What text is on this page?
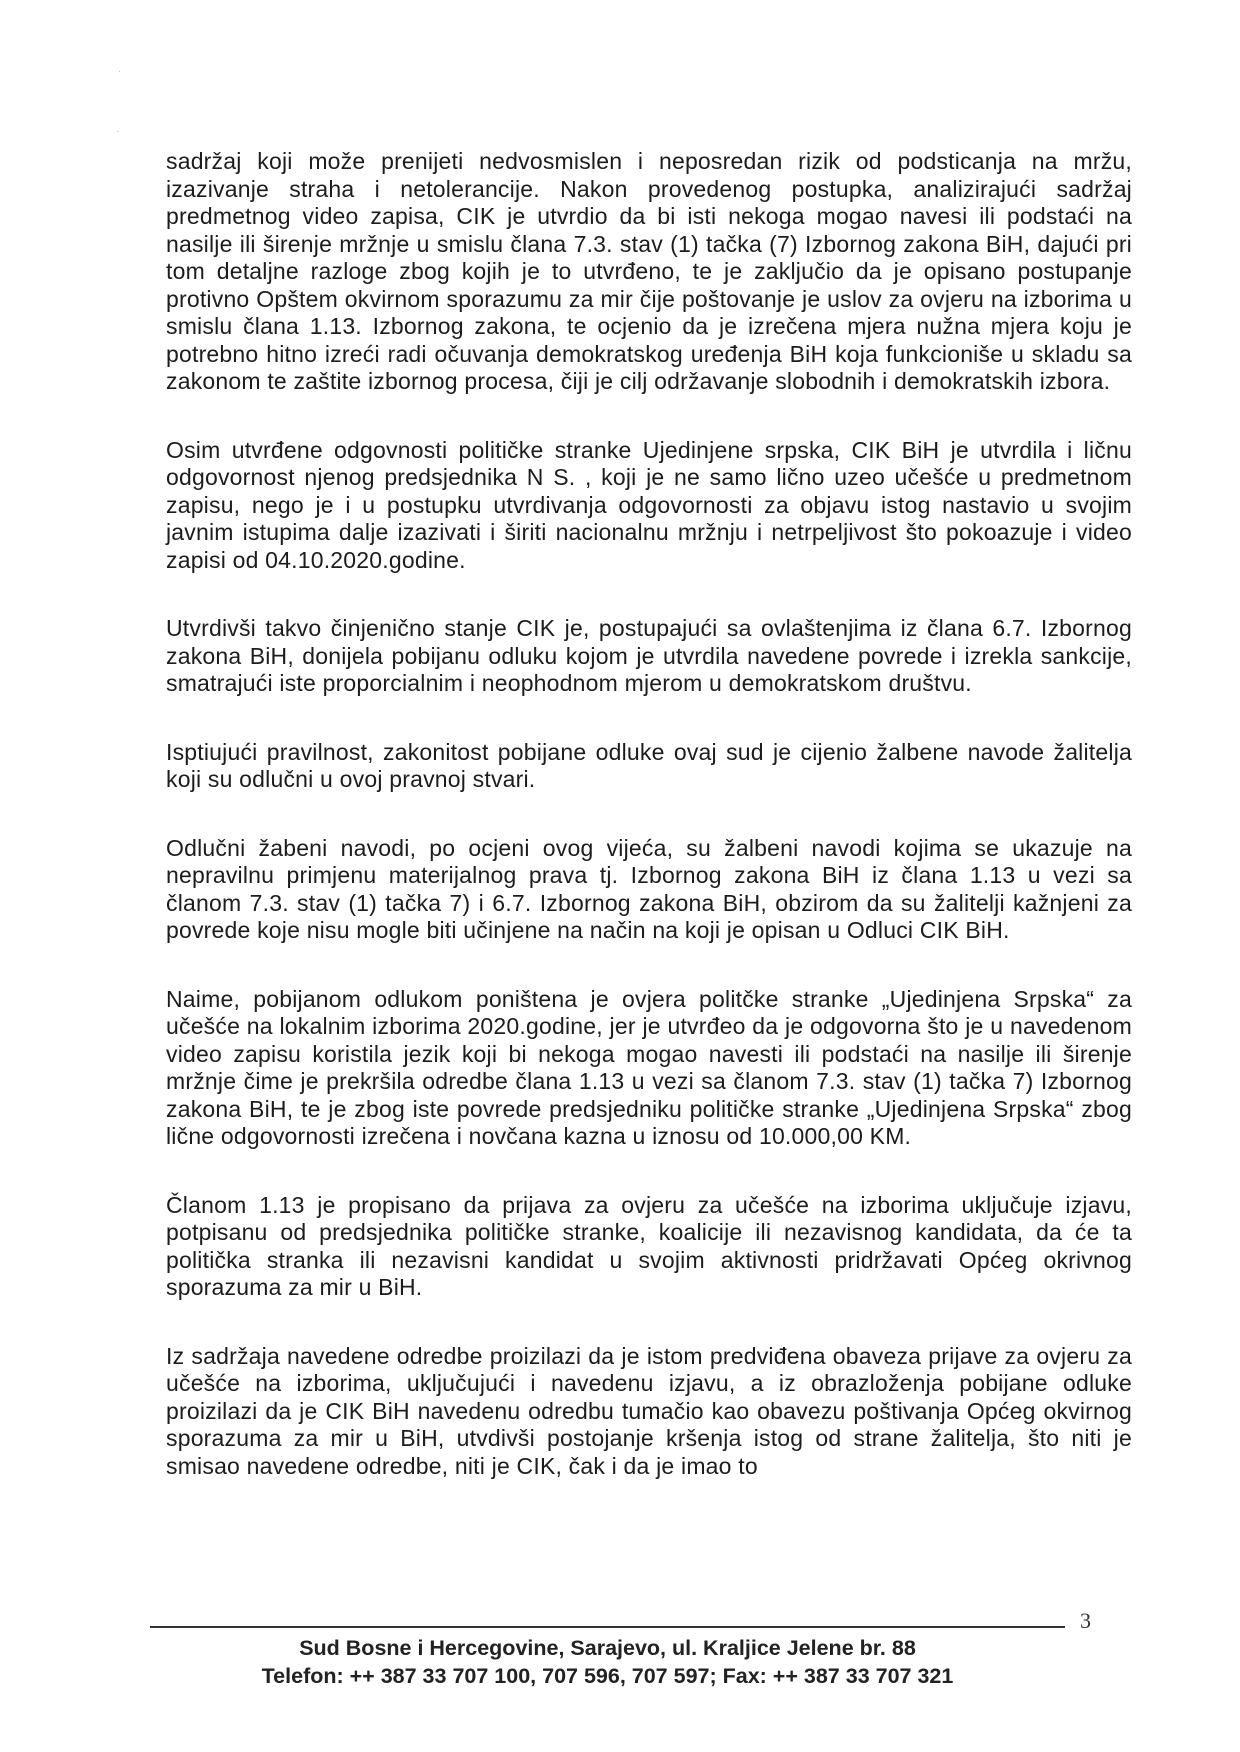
·
·

sadržaj koji može prenijeti nedvosmislen i neposredan rizik od podsticanja na mržu, izazivanje straha i netolerancije. Nakon provedenog postupka, analizirajući sadržaj predmetnog video zapisa, CIK je utvrdio da bi isti nekoga mogao navesi ili podstaći na nasilje ili širenje mržnje u smislu člana 7.3. stav (1) tačka (7) Izbornog zakona BiH, dajući pri tom detaljne razloge zbog kojih je to utvrđeno, te je zaključio da je opisano postupanje protivno Opštem okvirnom sporazumu za mir čije poštovanje je uslov za ovjeru na izborima u smislu člana 1.13. Izbornog zakona, te ocjenio da je izrečena mjera nužna mjera koju je potrebno hitno izreći radi očuvanja demokratskog uređenja BiH koja funkcioniše u skladu sa zakonom te zaštite izbornog procesa, čiji je cilj održavanje slobodnih i demokratskih izbora.

Osim utvrđene odgovnosti političke stranke Ujedinjene srpska, CIK BiH je utvrdila i ličnu odgovornost njenog predsjednika N S. , koji je ne samo lično uzeo učešće u predmetnom zapisu, nego je i u postupku utvrdivanja odgovornosti za objavu istog nastavio u svojim javnim istupima dalje izazivati i širiti nacionalnu mržnju i netrpeljivost što pokoazuje i video zapisi od 04.10.2020.godine.

Utvrdivši takvo činjenično stanje CIK je, postupajući sa ovlaštenjima iz člana 6.7. Izbornog zakona BiH, donijela pobijanu odluku kojom je utvrdila navedene povrede i izrekla sankcije, smatrajući iste proporcialnim i neophodnom mjerom u demokratskom društvu.

Isptiujući pravilnost, zakonitost pobijane odluke ovaj sud je cijenio žalbene navode žalitelja koji su odlučni u ovoj pravnoj stvari.

Odlučni žabeni navodi, po ocjeni ovog vijeća, su žalbeni navodi kojima se ukazuje na nepravilnu primjenu materijalnog prava tj. Izbornog zakona BiH iz člana 1.13 u vezi sa članom 7.3. stav (1) tačka 7) i 6.7. Izbornog zakona BiH, obzirom da su žalitelji kažnjeni za povrede koje nisu mogle biti učinjene na način na koji je opisan u Odluci CIK BiH.

Naime, pobijanom odlukom poništena je ovjera politčke stranke „Ujedinjena Srpska“ za učešće na lokalnim izborima 2020.godine, jer je utvrđeo da je odgovorna što je u navedenom video zapisu koristila jezik koji bi nekoga mogao navesti ili podstaći na nasilje ili širenje mržnje čime je prekršila odredbe člana 1.13 u vezi sa članom 7.3. stav (1) tačka 7) Izbornog zakona BiH, te je zbog iste povrede predsjedniku političke stranke „Ujedinjena Srpska“ zbog lične odgovornosti izrečena i novčana kazna u iznosu od 10.000,00 KM.

Članom 1.13 je propisano da prijava za ovjeru za učešće na izborima uključuje izjavu, potpisanu od predsjednika političke stranke, koalicije ili nezavisnog kandidata, da će ta politička stranka ili nezavisni kandidat u svojim aktivnosti pridržavati Općeg okrivnog sporazuma za mir u BiH.

Iz sadržaja navedene odredbe proizilazi da je istom predviđena obaveza prijave za ovjeru za učešće na izborima, uključujući i navedenu izjavu, a iz obrazloženja pobijane odluke proizilazi da je CIK BiH navedenu odredbu tumačio kao obavezu poštivanja Općeg okvirnog sporazuma za mir u BiH, utvdivši postojanje kršenja istog od strane žalitelja, što niti je smisao navedene odredbe, niti je CIK, čak i da je imao to

3
Sud Bosne i Hercegovine, Sarajevo, ul. Kraljice Jelene br. 88
Telefon: ++ 387 33 707 100, 707 596, 707 597; Fax: ++ 387 33 707 321
